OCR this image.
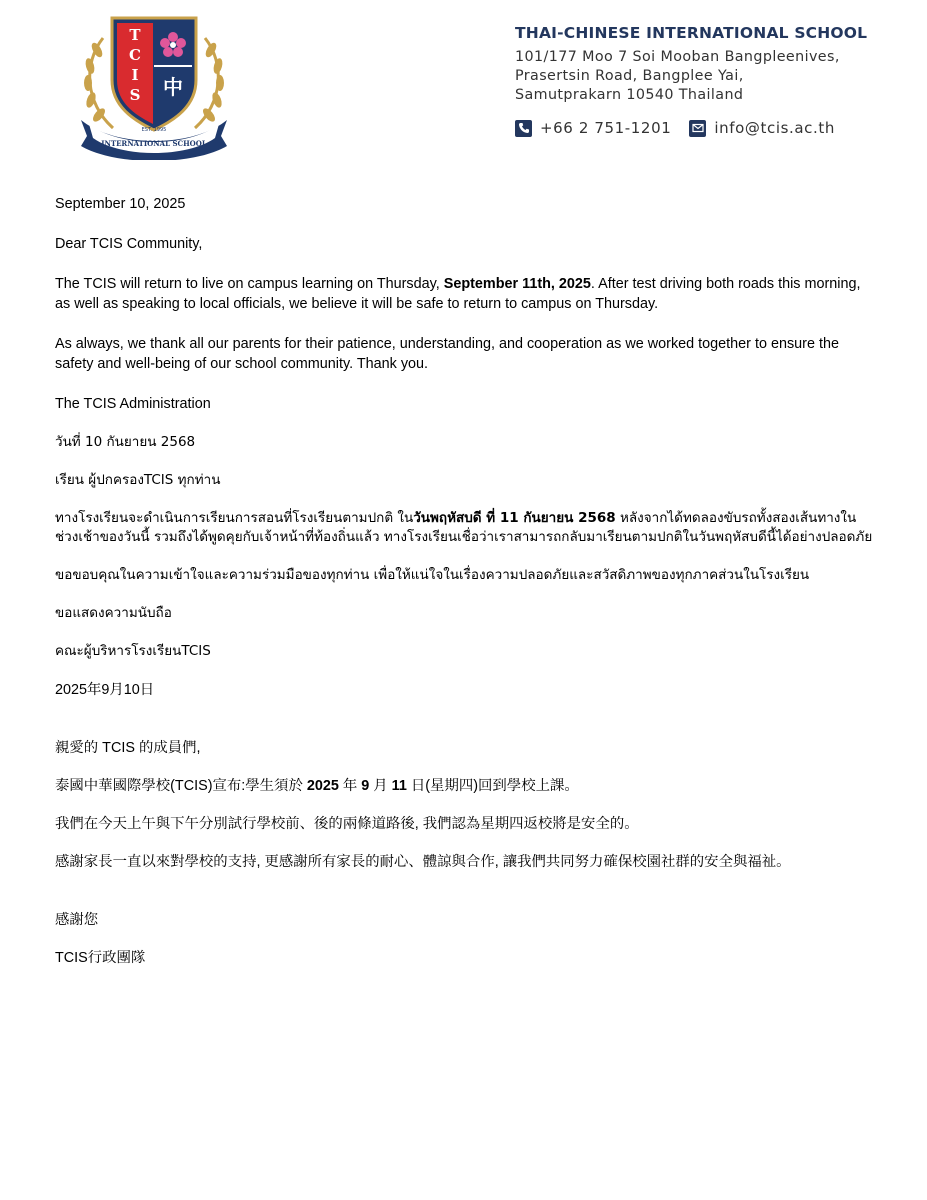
T
C
I
S 中
EST. 1995
INTERNATIONAL SCHOOL
THAI-CHINESE INTERNATIONAL SCHOOL
101/177 Moo 7 Soi Mooban Bangpleenives,
Prasertsin Road, Bangplee Yai,
Samutprakarn 10540 Thailand
+66 2 751-1201	info@tcis.ac.th

September 10, 2025

Dear TCIS Community,

The TCIS will return to live on campus learning on Thursday, September 11th, 2025. After test driving both roads this morning, as well as speaking to local officials, we believe it will be safe to return to campus on Thursday.

As always, we thank all our parents for their patience, understanding, and cooperation as we worked together to ensure the safety and well-being of our school community. Thank you.

The TCIS Administration

วันที่ 10 กันยายน 2568

เรียน ผู้ปกครองTCIS ทุกท่าน

ทางโรงเรียนจะดำเนินการเรียนการสอนที่โรงเรียนตามปกติ ในวันพฤหัสบดี ที่ 11 กันยายน 2568 หลังจากได้ทดลองขับรถทั้งสองเส้นทางในช่วงเช้าของวันนี้ รวมถึงได้พูดคุยกับเจ้าหน้าที่ท้องถิ่นแล้ว ทางโรงเรียนเชื่อว่าเราสามารถกลับมาเรียนตามปกติในวันพฤหัสบดีนี้ได้อย่างปลอดภัย

ขอขอบคุณในความเข้าใจและความร่วมมือของทุกท่าน เพื่อให้แน่ใจในเรื่องความปลอดภัยและสวัสดิภาพของทุกภาคส่วนในโรงเรียน

ขอแสดงความนับถือ

คณะผู้บริหารโรงเรียนTCIS

2025年9月10日

親愛的 TCIS 的成員們,

泰國中華國際學校(TCIS)宣布:學生須於 2025 年 9 月 11 日(星期四)回到學校上課。

我們在今天上午與下午分別試行學校前、後的兩條道路後, 我們認為星期四返校將是安全的。

感謝家長一直以來對學校的支持, 更感謝所有家長的耐心、體諒與合作, 讓我們共同努力確保校園社群的安全與福祉。

感謝您

TCIS行政團隊
